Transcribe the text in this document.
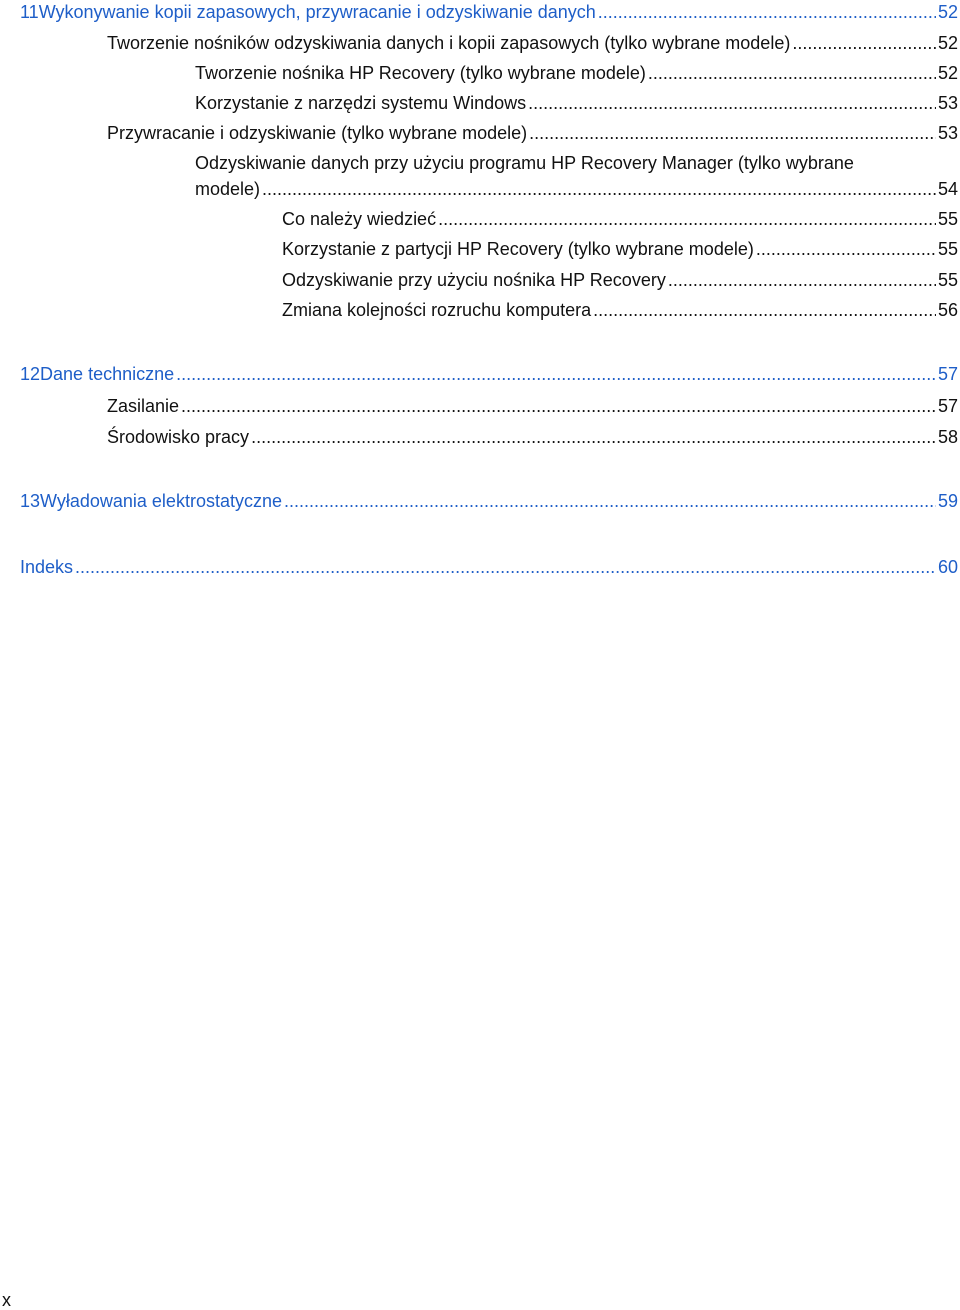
11 Wykonywanie kopii zapasowych, przywracanie i odzyskiwanie danych .....	52
Tworzenie nośników odzyskiwania danych i kopii zapasowych (tylko wybrane modele) .....	52
Tworzenie nośnika HP Recovery (tylko wybrane modele) .....	52
Korzystanie z narzędzi systemu Windows .....	53
Przywracanie i odzyskiwanie (tylko wybrane modele) .....	53
Odzyskiwanie danych przy użyciu programu HP Recovery Manager (tylko wybrane
modele) .....	54
Co należy wiedzieć .....	55
Korzystanie z partycji HP Recovery (tylko wybrane modele) .....	55
Odzyskiwanie przy użyciu nośnika HP Recovery .....	55
Zmiana kolejności rozruchu komputera .....	56
12 Dane techniczne .....	57
Zasilanie .....	57
Środowisko pracy .....	58
13 Wyładowania elektrostatyczne .....	59
Indeks .....	60
x
